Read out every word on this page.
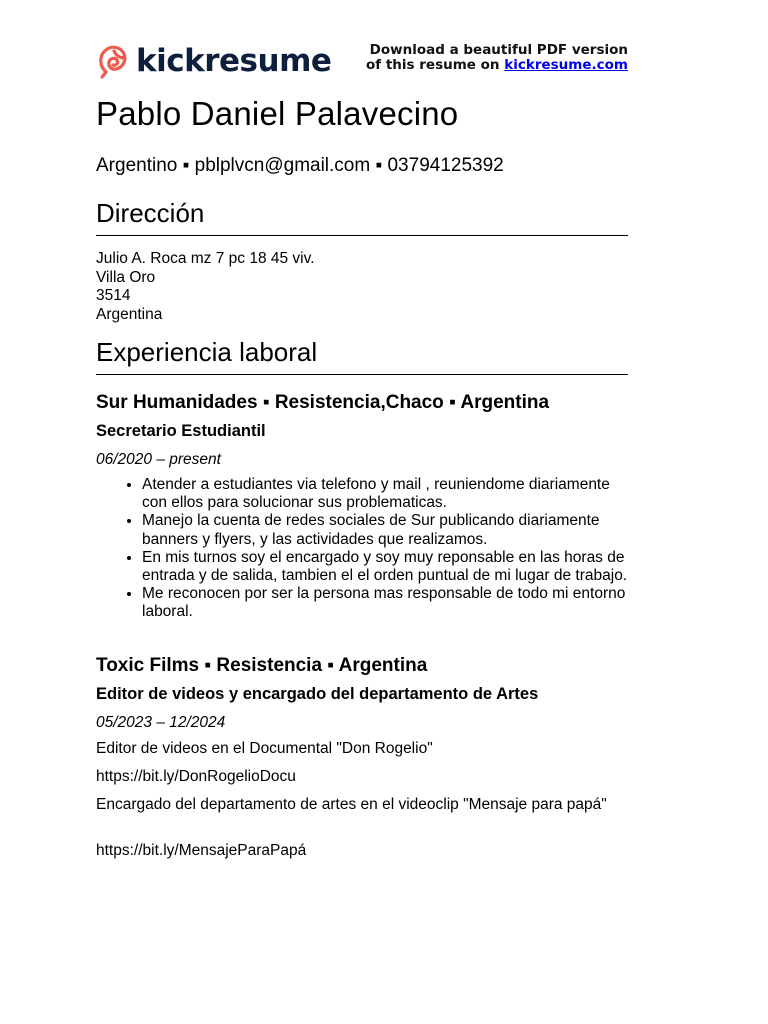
kickresume	Download a beautiful PDF version
of this resume on kickresume.com
Pablo Daniel Palavecino
Argentino ▪ pblplvcn@gmail.com ▪ 03794125392
Dirección
Julio A. Roca mz 7 pc 18 45 viv.
Villa Oro
3514
Argentina
Experiencia laboral
Sur Humanidades ▪ Resistencia,Chaco ▪ Argentina
Secretario Estudiantil
06/2020 – present
• Atender a estudiantes via telefono y mail , reuniendome diariamente con ellos para solucionar sus problematicas.
• Manejo la cuenta de redes sociales de Sur publicando diariamente banners y flyers, y las actividades que realizamos.
• En mis turnos soy el encargado y soy muy reponsable en las horas de entrada y de salida, tambien el el orden puntual de mi lugar de trabajo.
• Me reconocen por ser la persona mas responsable de todo mi entorno laboral.
Toxic Films ▪ Resistencia ▪ Argentina
Editor de videos y encargado del departamento de Artes
05/2023 – 12/2024
Editor de videos en el Documental "Don Rogelio"
https://bit.ly/DonRogelioDocu
Encargado del departamento de artes en el videoclip "Mensaje para papá"
https://bit.ly/MensajeParaPapá
